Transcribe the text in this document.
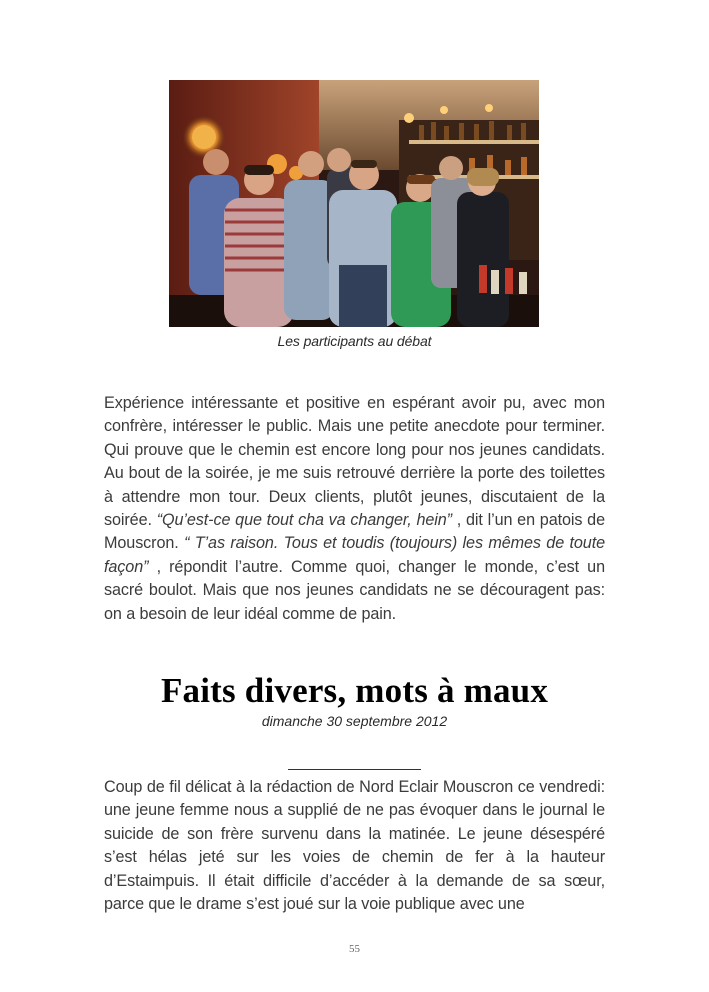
Les participants au débat
Expérience intéressante et positive en espérant avoir pu, avec mon confrère, intéresser le public. Mais une petite anecdote pour terminer. Qui prouve que le chemin est encore long pour nos jeunes candidats. Au bout de la soirée, je me suis retrouvé derrière la porte des toilettes à attendre mon tour. Deux clients, plutôt jeunes, discutaient de la soirée. “Qu’est-ce que tout cha va changer, hein” , dit l’un en patois de Mouscron. “ T’as raison. Tous et toudis (toujours) les mêmes de toute façon” , répondit l’autre. Comme quoi, changer le monde, c’est un sacré boulot. Mais que nos jeunes candidats ne se découragent pas: on a besoin de leur idéal comme de pain.
Faits divers, mots à maux
dimanche 30 septembre 2012
Coup de fil délicat à la rédaction de Nord Eclair Mouscron ce vendredi: une jeune femme nous a supplié de ne pas évoquer dans le journal le suicide de son frère survenu dans la matinée. Le jeune désespéré s’est hélas jeté sur les voies de chemin de fer à la hauteur d’Estaimpuis. Il était difficile d’accéder à la demande de sa sœur, parce que le drame s’est joué sur la voie publique avec une
55
